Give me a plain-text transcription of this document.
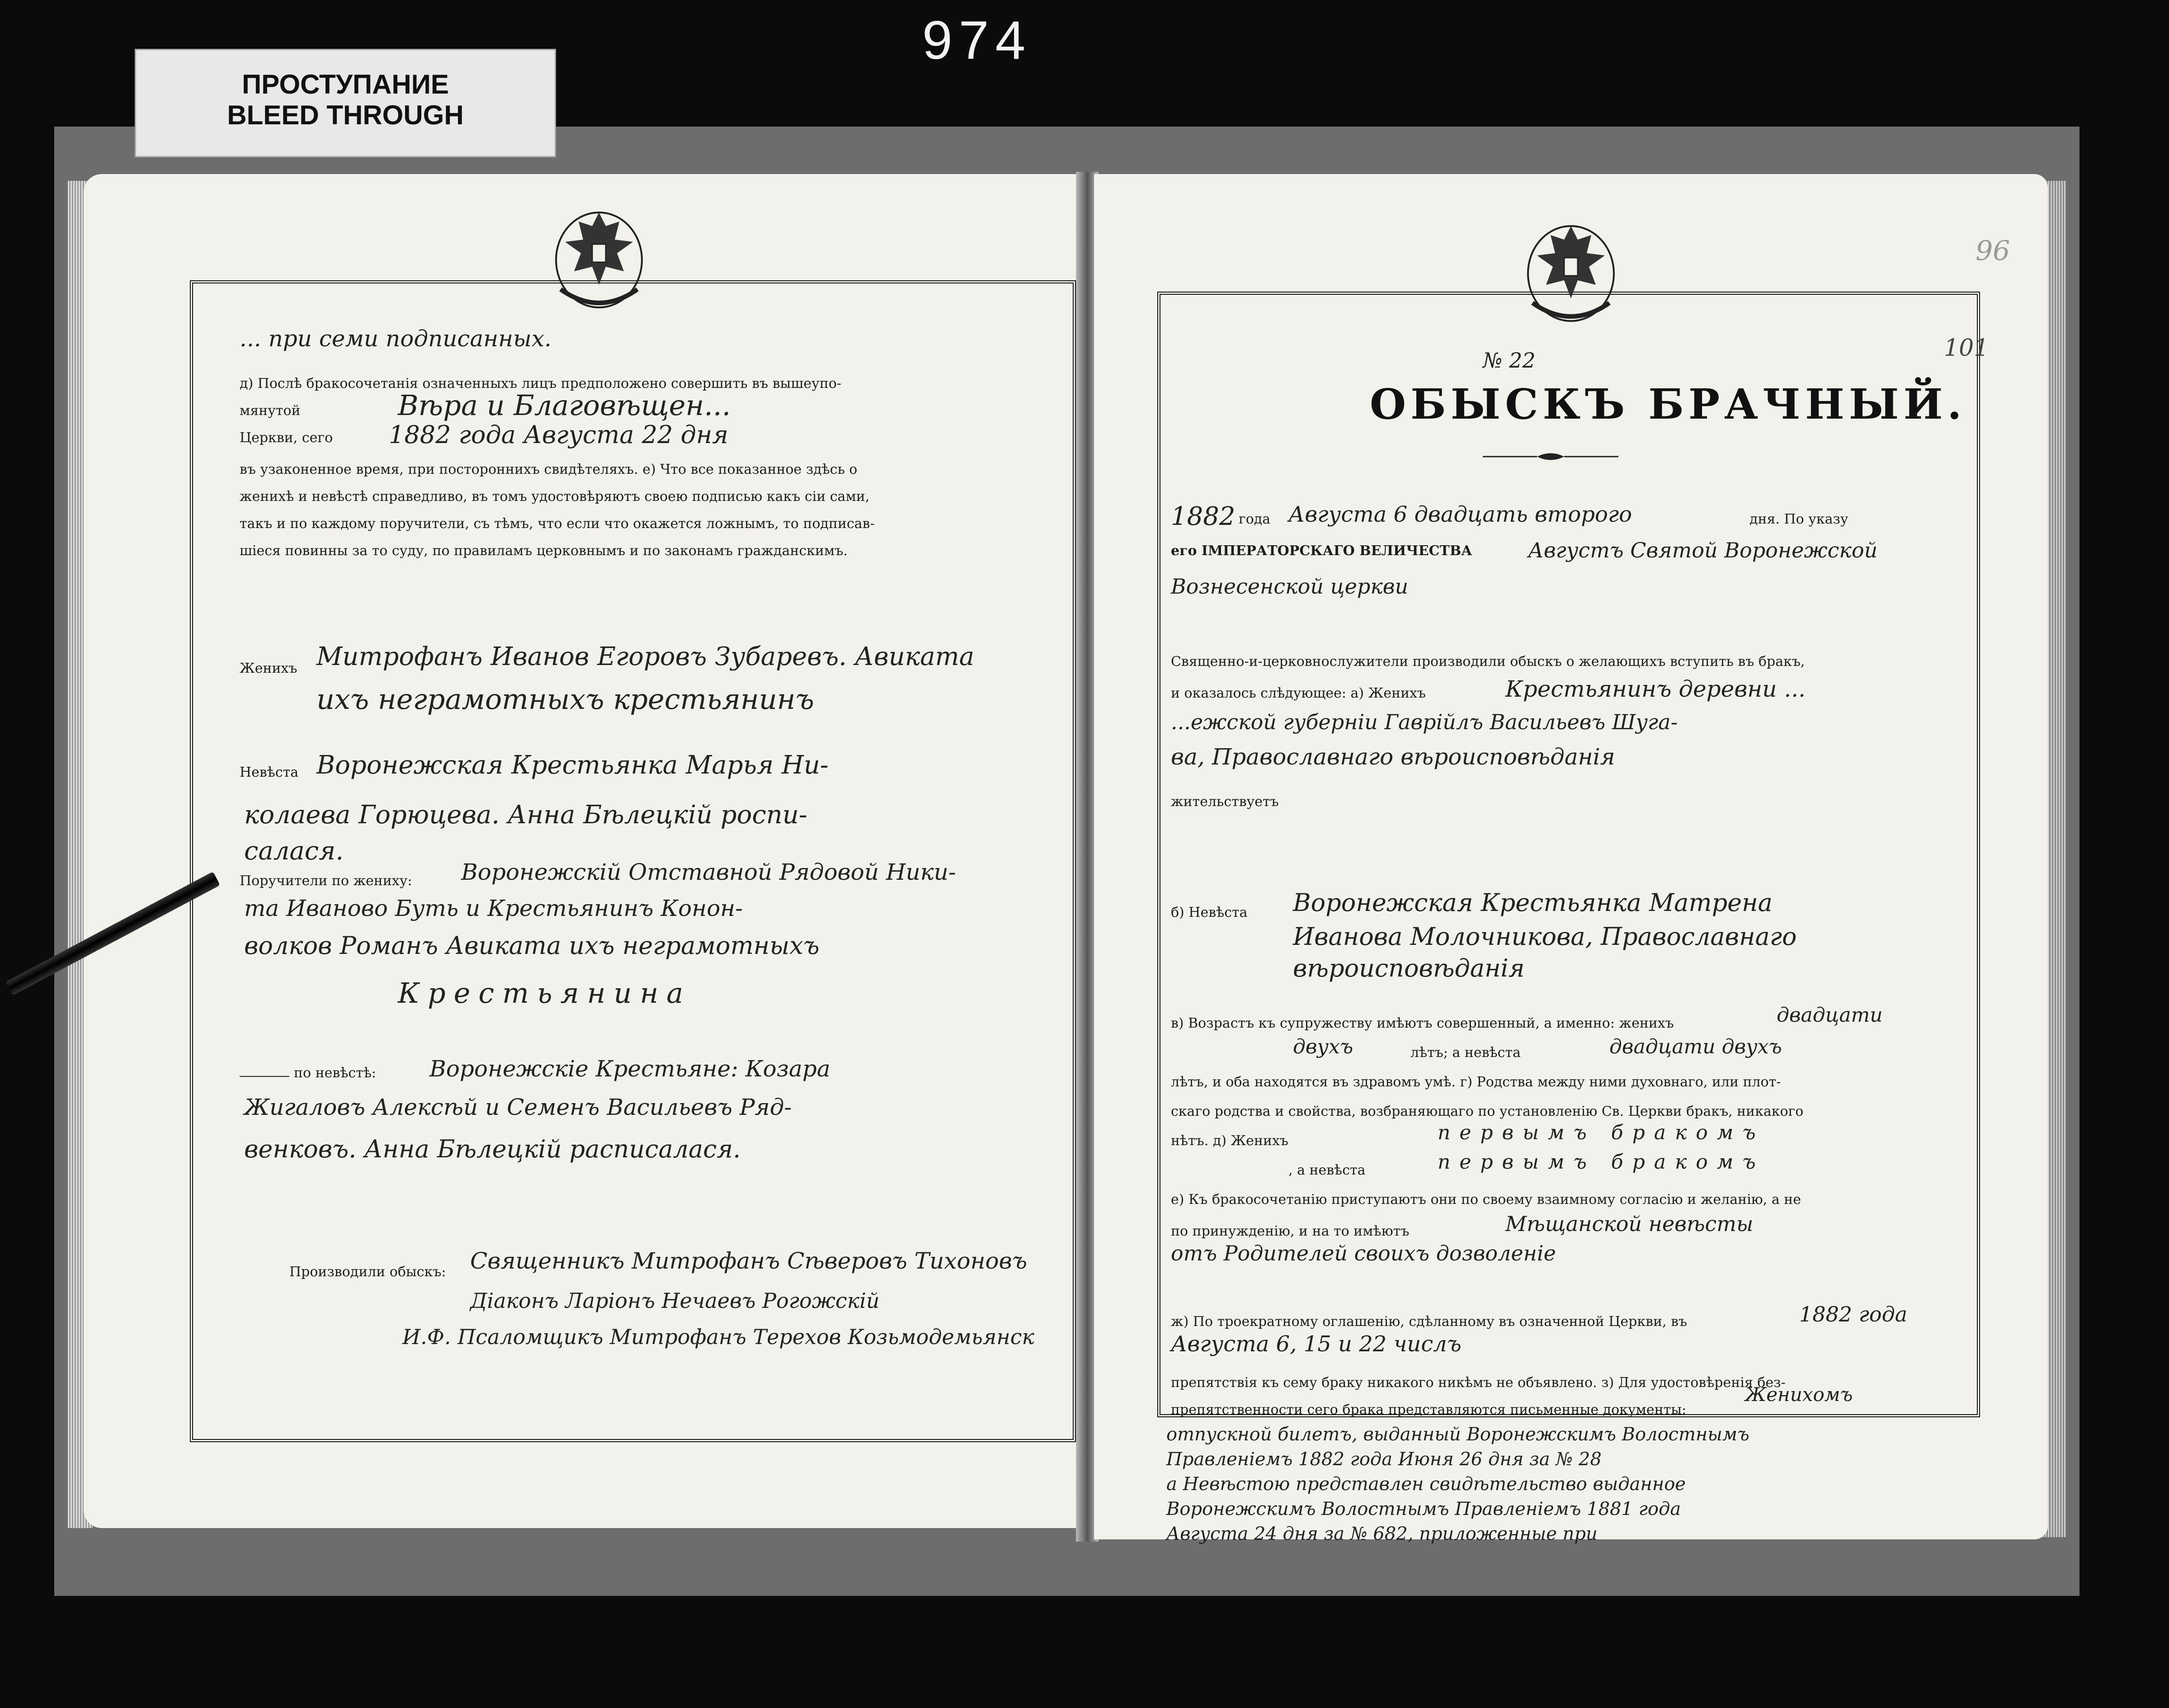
974
ПРОСТУПАНИЕ
BLEED THROUGH
... при семи подписанных.
д) Послѣ бракосочетанія означенныхъ лицъ предположено совершить въ вышеупо-
мянутой	Вѣра и Благовѣщен...
Церкви, сего 1882 года Августа 22 дня
въ узаконенное время, при постороннихъ свидѣтеляхъ. е) Что все показанное здѣсь о
женихѣ и невѣстѣ справедливо, въ томъ удостовѣряютъ своею подписью какъ сіи сами,
такъ и по каждому поручители, съ тѣмъ, что если что окажется ложнымъ, то подписав-
шіеся повинны за то суду, по правиламъ церковнымъ и по законамъ гражданскимъ.
Женихъ Митрофанъ Иванов Егоровъ Зубаревъ. Авиката
ихъ неграмотныхъ крестьянинъ
Невѣста Воронежская Крестьянка Марья Ни-
колаева Горюцева. Анна Бѣлецкій роспи-
салася.
Поручители по жениху: Воронежскій Отставной Рядовой Ники-
та Иваново Буть и Крестьянинъ Конон-
волков Романъ Авиката ихъ неграмотныхъ
Крестьянина
по невѣстѣ: Воронежскіе Крестьяне: Козара
Жигаловъ Алексѣй и Семенъ Васильевъ Ряд-
венковъ. Анна Бѣлецкій расписалася.
Производили обыскъ: Священникъ Митрофанъ Сѣверовъ Тихоновъ
Діаконъ Ларіонъ Нечаевъ Рогожскій
И.Ф. Псаломщикъ Митрофанъ Терехов Козьмодемьянск
96
101
№ 22
ОБЫСКЪ БРАЧНЫЙ.
1882 года Августа 6 двадцать второго	дня. По указу
его ІМПЕРАТОРСКАГО ВЕЛИЧЕСТВА	Августъ Святой Воронежской
Вознесенской церкви
Священно-и-церковнослужители производили обыскъ о желающихъ вступить въ бракъ,
и оказалось слѣдующее: а) Женихъ	Крестьянинъ деревни ...
...ежской губерніи Гаврійлъ Васильевъ Шуга-
ва, Православнаго вѣроисповѣданія
жительствуетъ
б) Невѣста Воронежская Крестьянка Матрена
Иванова Молочникова, Православнаго
вѣроисповѣданія
в) Возрастъ къ супружеству имѣютъ совершенный, а именно: женихъ	двадцати
двухъ	лѣтъ; а невѣста	двадцати двухъ
лѣтъ, и оба находятся въ здравомъ умѣ. г) Родства между ними духовнаго, или плот-
скаго родства и свойства, возбраняющаго по установленію Св. Церкви бракъ, никакого
нѣтъ. д) Женихъ	первымъ бракомъ
, а невѣста	первымъ бракомъ
е) Къ бракосочетанію приступаютъ они по своему взаимному согласію и желанію, а не
по принужденію, и на то имѣютъ	Мѣщанской невѣсты
отъ Родителей своихъ дозволеніе
ж) По троекратному оглашенію, сдѣланному въ означенной Церкви, въ	1882 года
Августа 6, 15 и 22 числъ
препятствія къ сему браку никакого никѣмъ не объявлено. з) Для удостовѣренія без-
препятственности сего брака представляются письменные документы:
Женихомъ
отпускной билетъ, выданный Воронежскимъ Волостнымъ
Правленіемъ 1882 года Июня 26 дня за № 28
а Невѣстою представлен свидѣтельство выданное
Воронежскимъ Волостнымъ Правленіемъ 1881 года
Августа 24 дня за № 682, приложенные при
